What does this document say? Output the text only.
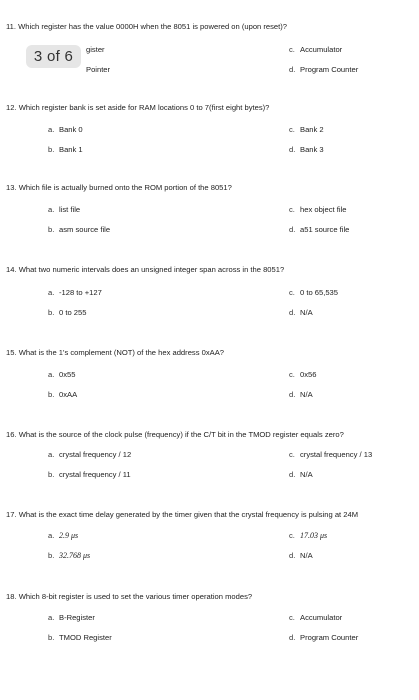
3 of 6
11. Which register has the value 0000H when the 8051 is powered on (upon reset)?
gister
Pointer
c. Accumulator
d. Program Counter
12. Which register bank is set aside for RAM locations 0 to 7(first eight bytes)?
a. Bank 0
b. Bank 1
c. Bank 2
d. Bank 3
13. Which file is actually burned onto the ROM portion of the 8051?
a. list file
b. asm source file
c. hex object file
d. a51 source file
14. What two numeric intervals does an unsigned integer span across in the 8051?
a. -128 to +127
b. 0 to 255
c. 0 to 65,535
d. N/A
15. What is the 1's complement (NOT) of the hex address 0xAA?
a. 0x55
b. 0xAA
c. 0x56
d. N/A
16. What is the source of the clock pulse (frequency) if the C/T bit in the TMOD register equals zero?
a. crystal frequency / 12
b. crystal frequency / 11
c. crystal frequency / 13
d. N/A
17. What is the exact time delay generated by the timer given that the crystal frequency is pulsing at 24M
a. 2.9 μs
b. 32.768 μs
c. 17.03 μs
d. N/A
18. Which 8-bit register is used to set the various timer operation modes?
a. B-Register
b. TMOD Register
c. Accumulator
d. Program Counter
